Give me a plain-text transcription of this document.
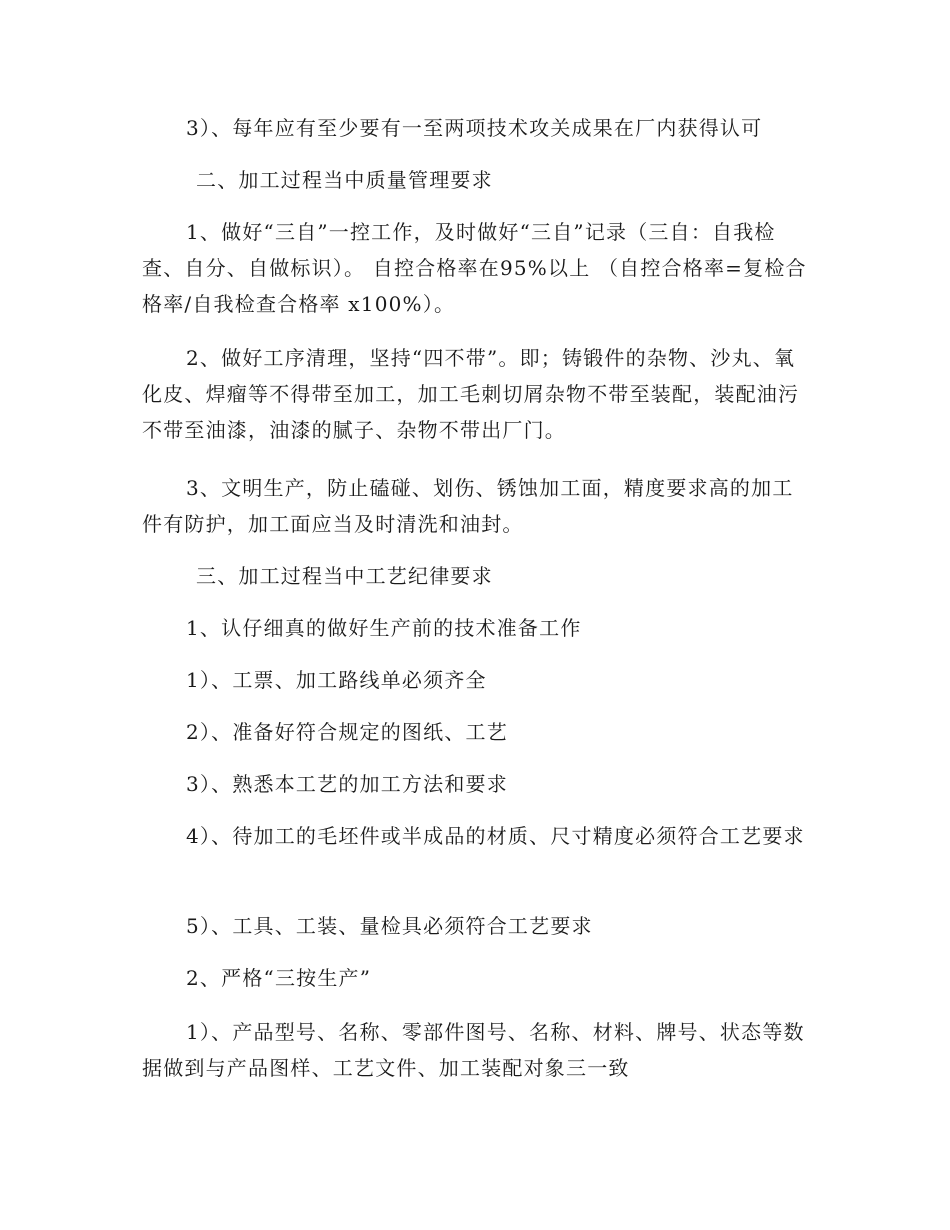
3）、每年应有至少要有一至两项技术攻关成果在厂内获得认可

二、加工过程当中质量管理要求

1、做好“三自”一控工作，及时做好“三自”记录（三自：自我检查、自分、自做标识）。 自控合格率在95%以上 （自控合格率=复检合格率/自我检查合格率 x100%）。

2、做好工序清理，坚持“四不带”。即；铸锻件的杂物、沙丸、氧化皮、焊瘤等不得带至加工，加工毛刺切屑杂物不带至装配，装配油污不带至油漆，油漆的腻子、杂物不带出厂门。

3、文明生产，防止磕碰、划伤、锈蚀加工面，精度要求高的加工件有防护，加工面应当及时清洗和油封。

三、加工过程当中工艺纪律要求

1、认仔细真的做好生产前的技术准备工作

1）、工票、加工路线单必须齐全

2）、准备好符合规定的图纸、工艺

3）、熟悉本工艺的加工方法和要求

4）、待加工的毛坯件或半成品的材质、尺寸精度必须符合工艺要求

5）、工具、工装、量检具必须符合工艺要求

2、严格“三按生产”

1）、产品型号、名称、零部件图号、名称、材料、牌号、状态等数据做到与产品图样、工艺文件、加工装配对象三一致
